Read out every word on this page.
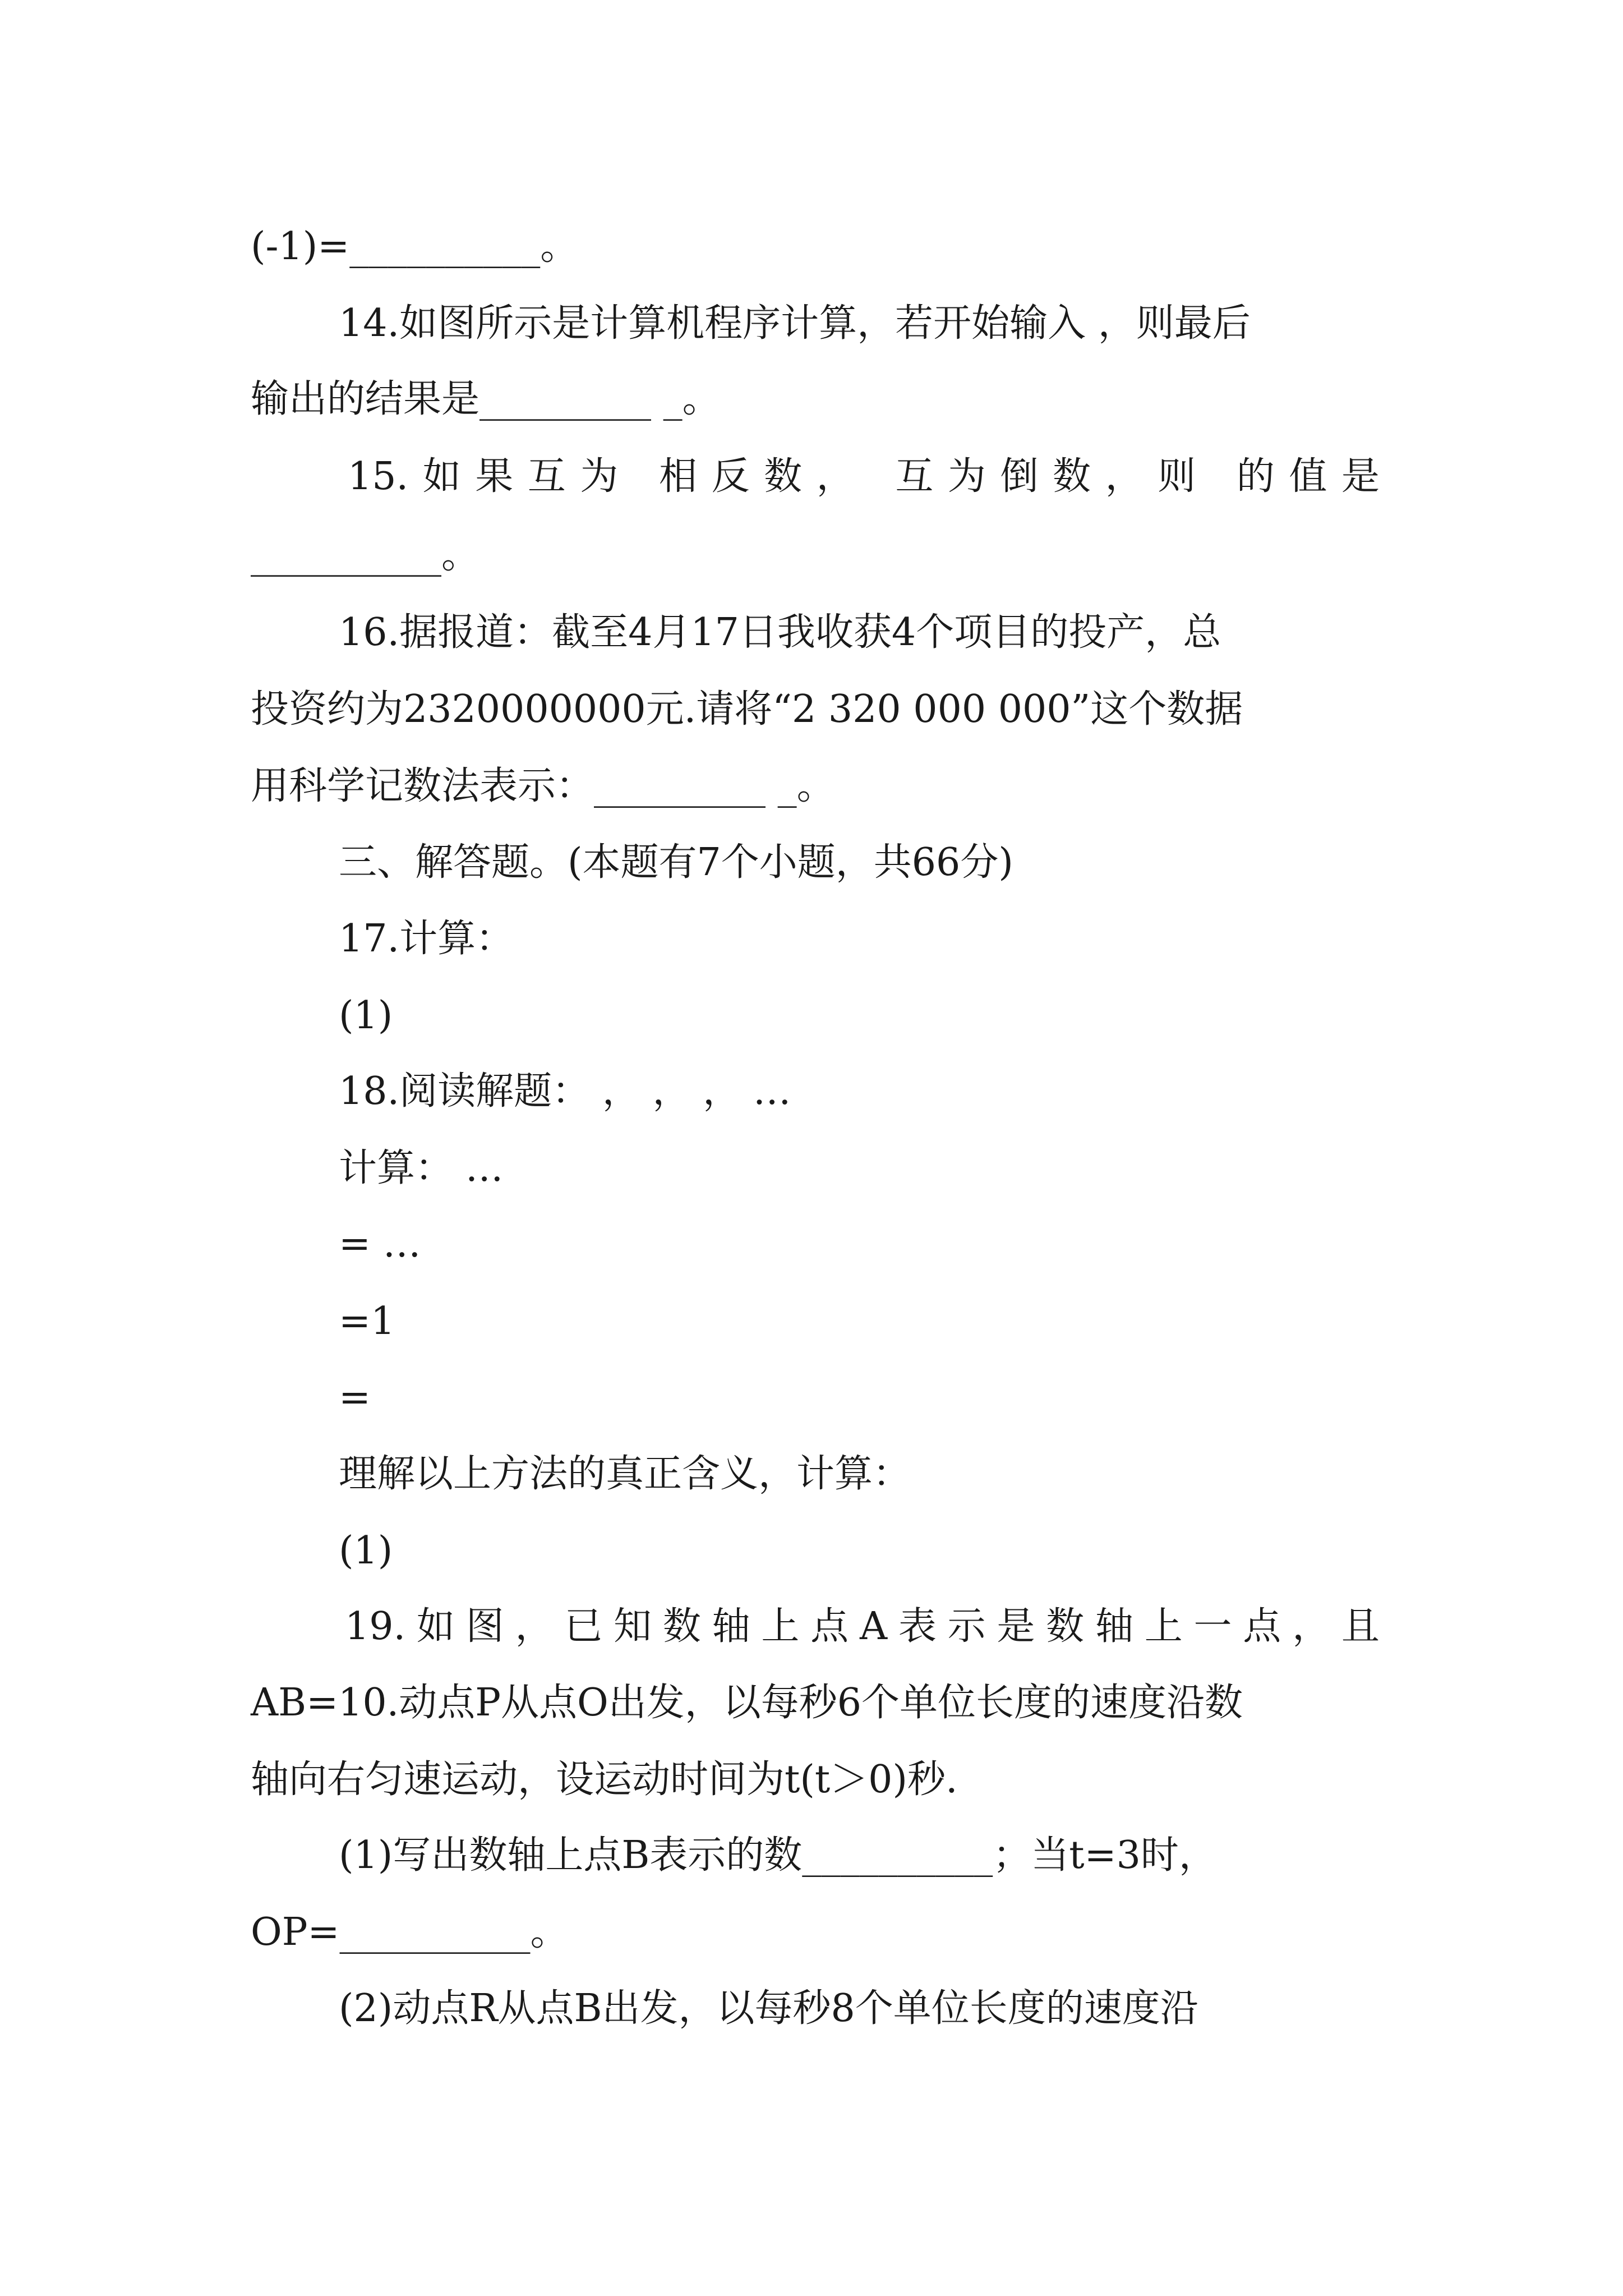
(-1)=__________。
14.如图所示是计算机程序计算，若开始输入 ，则最后
输出的结果是_________ _。
15. 如 果 互 为
相 反 数 ，
互 为 倒 数 ， 则
的 值 是
__________。
16.据报道：截至4月17日我收获4个项目的投产，总
投资约为2320000000元.请将“2 320 000 000”这个数据
用科学记数法表示：_________ _。
三、解答题。(本题有7个小题，共66分)
17.计算：
(1)
18.阅读解题： ， ， ， …
计算： …
= …
=1
=
理解以上方法的真正含义，计算：
(1)
19. 如 图 ， 已 知 数 轴 上 点 A 表 示 是 数 轴 上 一 点 ， 且
AB=10.动点P从点O出发，以每秒6个单位长度的速度沿数
轴向右匀速运动，设运动时间为t(t＞0)秒.
(1)写出数轴上点B表示的数__________；当t=3时，
OP=__________。
(2)动点R从点B出发，以每秒8个单位长度的速度沿
